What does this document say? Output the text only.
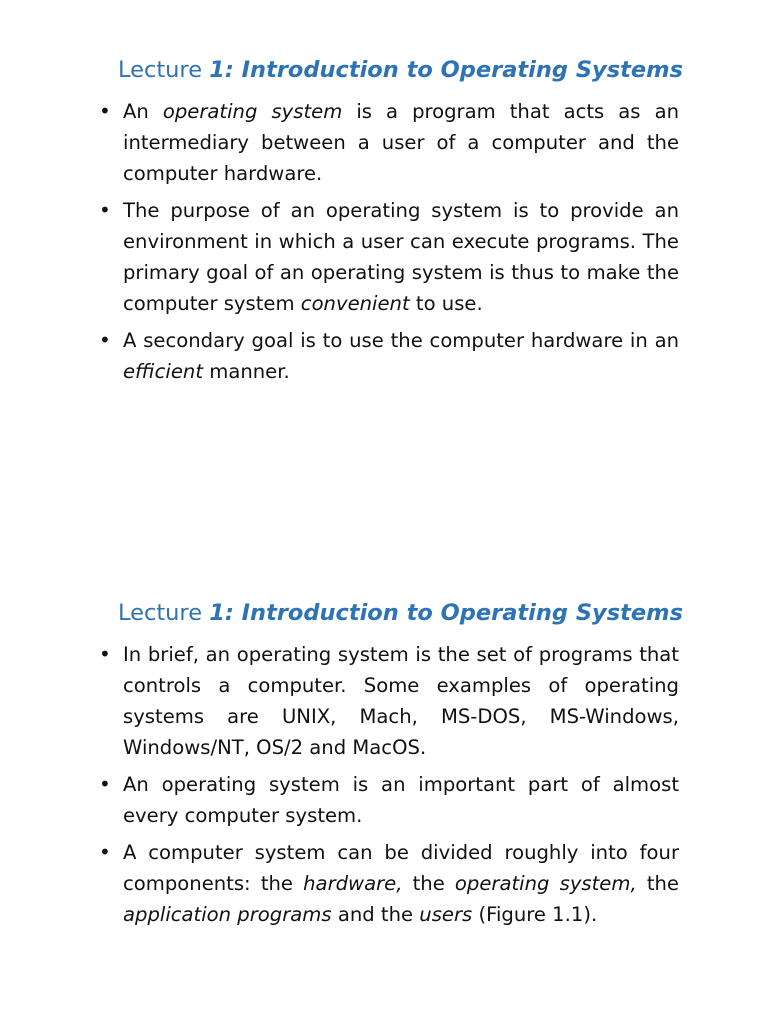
Lecture 1: Introduction to Operating Systems
• An operating system is a program that acts as an intermediary between a user of a computer and the computer hardware.
• The purpose of an operating system is to provide an environment in which a user can execute programs. The primary goal of an operating system is thus to make the computer system convenient to use.
• A secondary goal is to use the computer hardware in an efficient manner.
Lecture 1: Introduction to Operating Systems
• In brief, an operating system is the set of programs that controls a computer. Some examples of operating systems are UNIX, Mach, MS-DOS, MS-Windows, Windows/NT, OS/2 and MacOS.
• An operating system is an important part of almost every computer system.
• A computer system can be divided roughly into four components: the hardware, the operating system, the application programs and the users (Figure 1.1).
